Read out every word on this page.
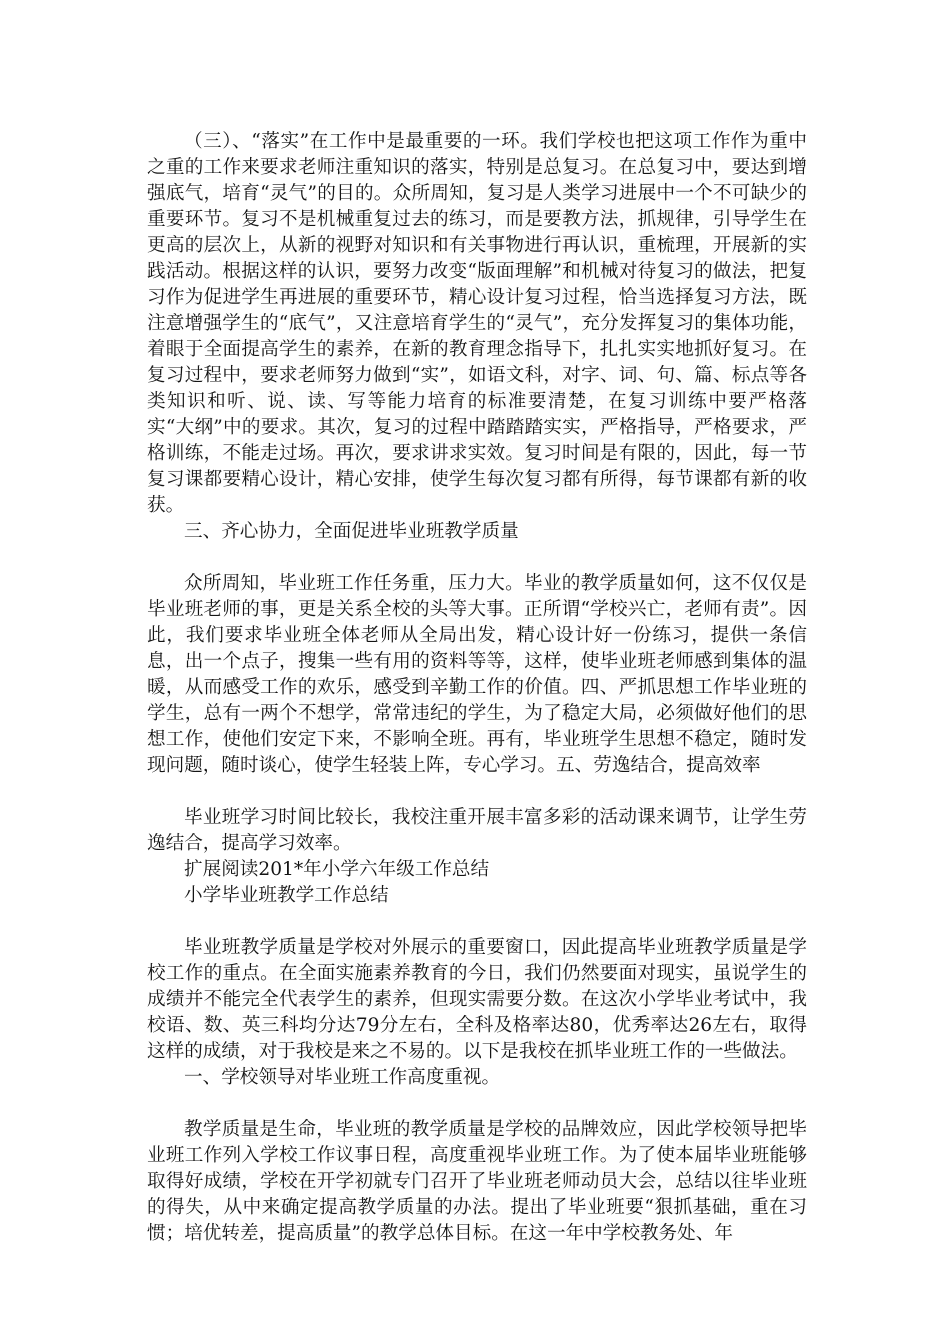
（三）、“落实”在工作中是最重要的一环。我们学校也把这项工作作为重中之重的工作来要求老师注重知识的落实，特别是总复习。在总复习中，要达到增强底气，培育“灵气”的目的。众所周知，复习是人类学习进展中一个不可缺少的重要环节。复习不是机械重复过去的练习，而是要教方法，抓规律，引导学生在更高的层次上，从新的视野对知识和有关事物进行再认识，重梳理，开展新的实践活动。根据这样的认识，要努力改变“版面理解”和机械对待复习的做法，把复习作为促进学生再进展的重要环节，精心设计复习过程，恰当选择复习方法，既注意增强学生的“底气”，又注意培育学生的“灵气”，充分发挥复习的集体功能，着眼于全面提高学生的素养，在新的教育理念指导下，扎扎实实地抓好复习。在复习过程中，要求老师努力做到“实”，如语文科，对字、词、句、篇、标点等各类知识和听、说、读、写等能力培育的标准要清楚，在复习训练中要严格落实“大纲”中的要求。其次，复习的过程中踏踏踏实实，严格指导，严格要求，严格训练，不能走过场。再次，要求讲求实效。复习时间是有限的，因此，每一节复习课都要精心设计，精心安排，使学生每次复习都有所得，每节课都有新的收获。

三、齐心协力，全面促进毕业班教学质量

众所周知，毕业班工作任务重，压力大。毕业的教学质量如何，这不仅仅是毕业班老师的事，更是关系全校的头等大事。正所谓“学校兴亡，老师有责”。因此，我们要求毕业班全体老师从全局出发，精心设计好一份练习，提供一条信息，出一个点子，搜集一些有用的资料等等，这样，使毕业班老师感到集体的温暖，从而感受工作的欢乐，感受到辛勤工作的价值。四、严抓思想工作毕业班的学生，总有一两个不想学，常常违纪的学生，为了稳定大局，必须做好他们的思想工作，使他们安定下来，不影响全班。再有，毕业班学生思想不稳定，随时发现问题，随时谈心，使学生轻装上阵，专心学习。五、劳逸结合，提高效率

毕业班学习时间比较长，我校注重开展丰富多彩的活动课来调节，让学生劳逸结合，提高学习效率。

扩展阅读201*年小学六年级工作总结

小学毕业班教学工作总结

毕业班教学质量是学校对外展示的重要窗口，因此提高毕业班教学质量是学校工作的重点。在全面实施素养教育的今日，我们仍然要面对现实，虽说学生的成绩并不能完全代表学生的素养，但现实需要分数。在这次小学毕业考试中，我校语、数、英三科均分达79分左右，全科及格率达80，优秀率达26左右，取得这样的成绩，对于我校是来之不易的。以下是我校在抓毕业班工作的一些做法。

一、学校领导对毕业班工作高度重视。

教学质量是生命，毕业班的教学质量是学校的品牌效应，因此学校领导把毕业班工作列入学校工作议事日程，高度重视毕业班工作。为了使本届毕业班能够取得好成绩，学校在开学初就专门召开了毕业班老师动员大会，总结以往毕业班的得失，从中来确定提高教学质量的办法。提出了毕业班要“狠抓基础，重在习惯；培优转差，提高质量”的教学总体目标。在这一年中学校教务处、年
